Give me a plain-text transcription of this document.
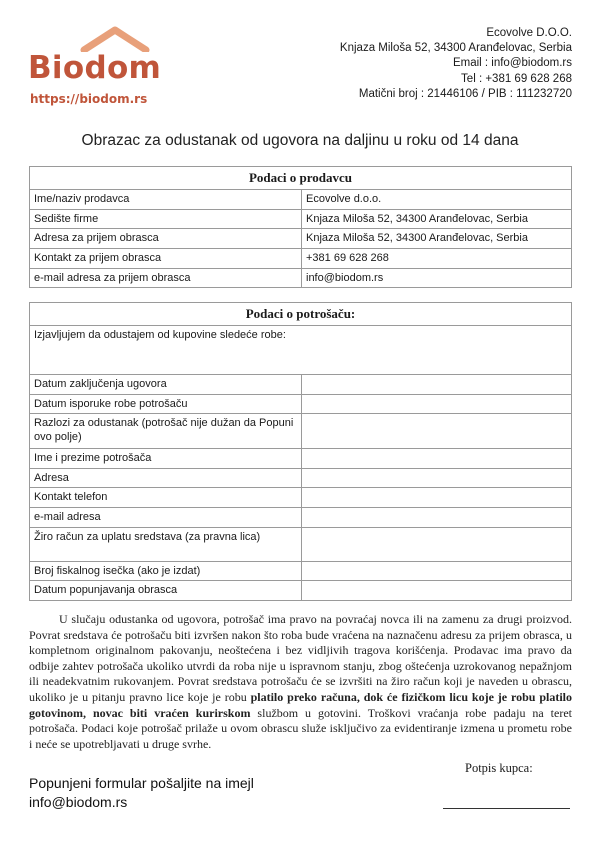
Biodom
https://biodom.rs
Ecovolve D.O.O.
Knjaza Miloša 52, 34300 Aranđelovac, Serbia
Email : info@biodom.rs
Tel : +381 69 628 268
Matični broj : 21446106 / PIB : 111232720
Obrazac za odustanak od ugovora na daljinu u roku od 14 dana
Podaci o prodavcu	
Ime/naziv prodavca	Ecovolve d.o.o.
Sedište firme	Knjaza Miloša 52, 34300 Aranđelovac, Serbia
Adresa za prijem obrasca	Knjaza Miloša 52, 34300 Aranđelovac, Serbia
Kontakt za prijem obrasca	+381 69 628 268
e-mail adresa za prijem obrasca	info@biodom.rs
Podaci o potrošaču:	
Izjavljujem da odustajem od kupovine sledeće robe:	
Datum zaključenja ugovora	
Datum isporuke robe potrošaču	
Razlozi za odustanak (potrošač nije dužan da Popuni ovo polje)	
Ime i prezime potrošača	
Adresa	
Kontakt telefon	
e-mail adresa	
Žiro račun za uplatu sredstava (za pravna lica)	
Broj fiskalnog isečka (ako je izdat)	
Datum popunjavanja obrasca	
U slučaju odustanka od ugovora, potrošač ima pravo na povraćaj novca ili na zamenu za drugi proizvod. Povrat sredstava će potrošaču biti izvršen nakon što roba bude vraćena na naznačenu adresu za prijem obrasca, u kompletnom originalnom pakovanju, neoštećena i bez vidljivih tragova korišćenja. Prodavac ima pravo da odbije zahtev potrošača ukoliko utvrdi da roba nije u ispravnom stanju, zbog oštećenja uzrokovanog nepažnjom ili neadekvatnim rukovanjem. Povrat sredstava potrošaču će se izvršiti na žiro račun koji je naveden u obrascu, ukoliko je u pitanju pravno lice koje je robu platilo preko računa, dok će fizičkom licu koje je robu platilo gotovinom, novac biti vraćen kurirskom službom u gotovini. Troškovi vraćanja robe padaju na teret potrošača. Podaci koje potrošač prilaže u ovom obrascu služe isključivo za evidentiranje izmena u prometu robe i neće se upotrebljavati u druge svrhe.
Potpis kupca:
Popunjeni formular pošaljite na imejl
info@biodom.rs
